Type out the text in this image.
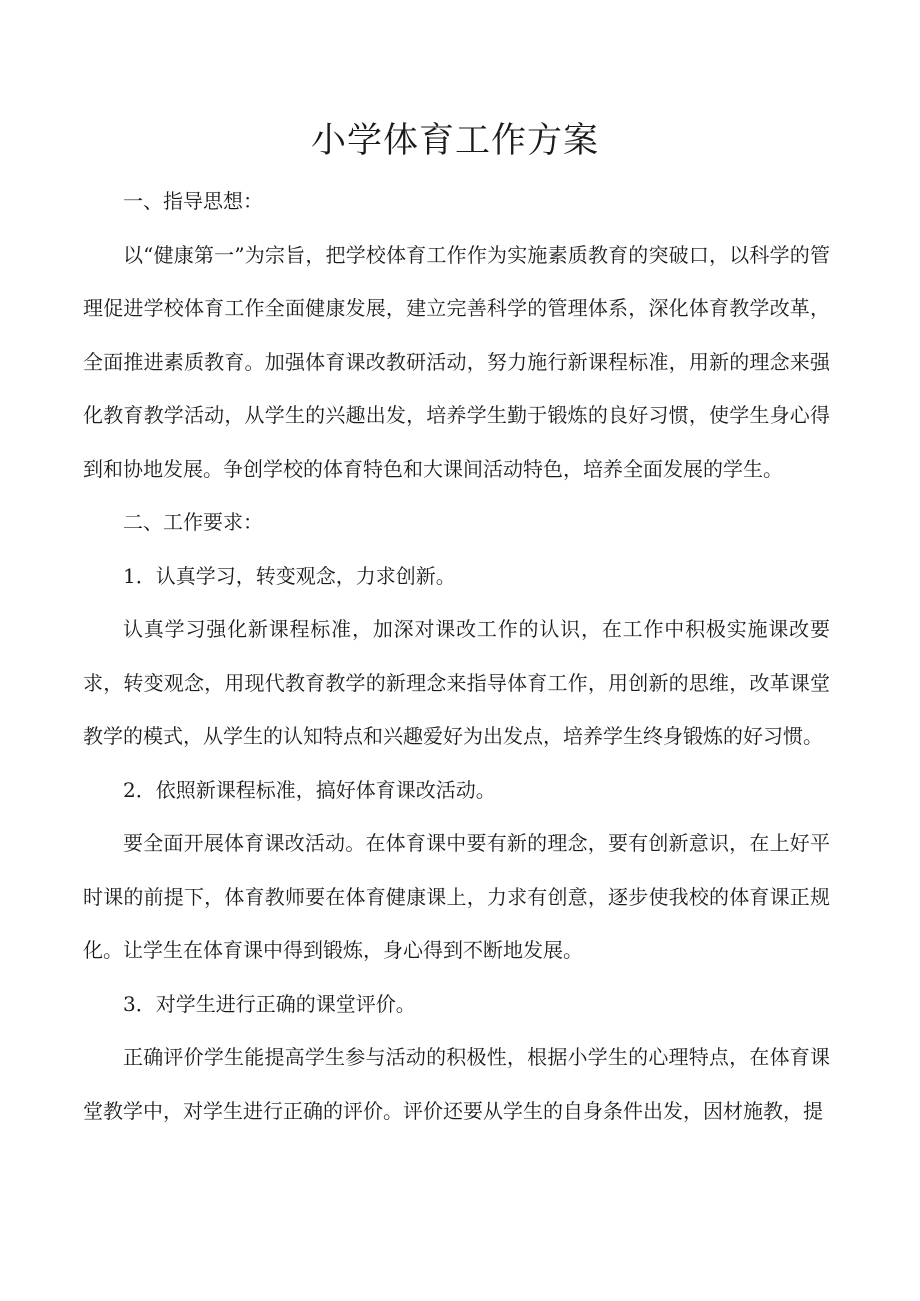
小学体育工作方案

一、指导思想：

以“健康第一”为宗旨，把学校体育工作作为实施素质教育的突破口，以科学的管理促进学校体育工作全面健康发展，建立完善科学的管理体系，深化体育教学改革，全面推进素质教育。加强体育课改教研活动，努力施行新课程标准，用新的理念来强化教育教学活动，从学生的兴趣出发，培养学生勤于锻炼的良好习惯，使学生身心得到和协地发展。争创学校的体育特色和大课间活动特色，培养全面发展的学生。

二、工作要求：

1．认真学习，转变观念，力求创新。

认真学习强化新课程标准，加深对课改工作的认识，在工作中积极实施课改要求，转变观念，用现代教育教学的新理念来指导体育工作，用创新的思维，改革课堂教学的模式，从学生的认知特点和兴趣爱好为出发点，培养学生终身锻炼的好习惯。

2．依照新课程标准，搞好体育课改活动。

要全面开展体育课改活动。在体育课中要有新的理念，要有创新意识，在上好平时课的前提下，体育教师要在体育健康课上，力求有创意，逐步使我校的体育课正规化。让学生在体育课中得到锻炼，身心得到不断地发展。

3．对学生进行正确的课堂评价。

正确评价学生能提高学生参与活动的积极性，根据小学生的心理特点，在体育课堂教学中，对学生进行正确的评价。评价还要从学生的自身条件出发，因材施教，提
